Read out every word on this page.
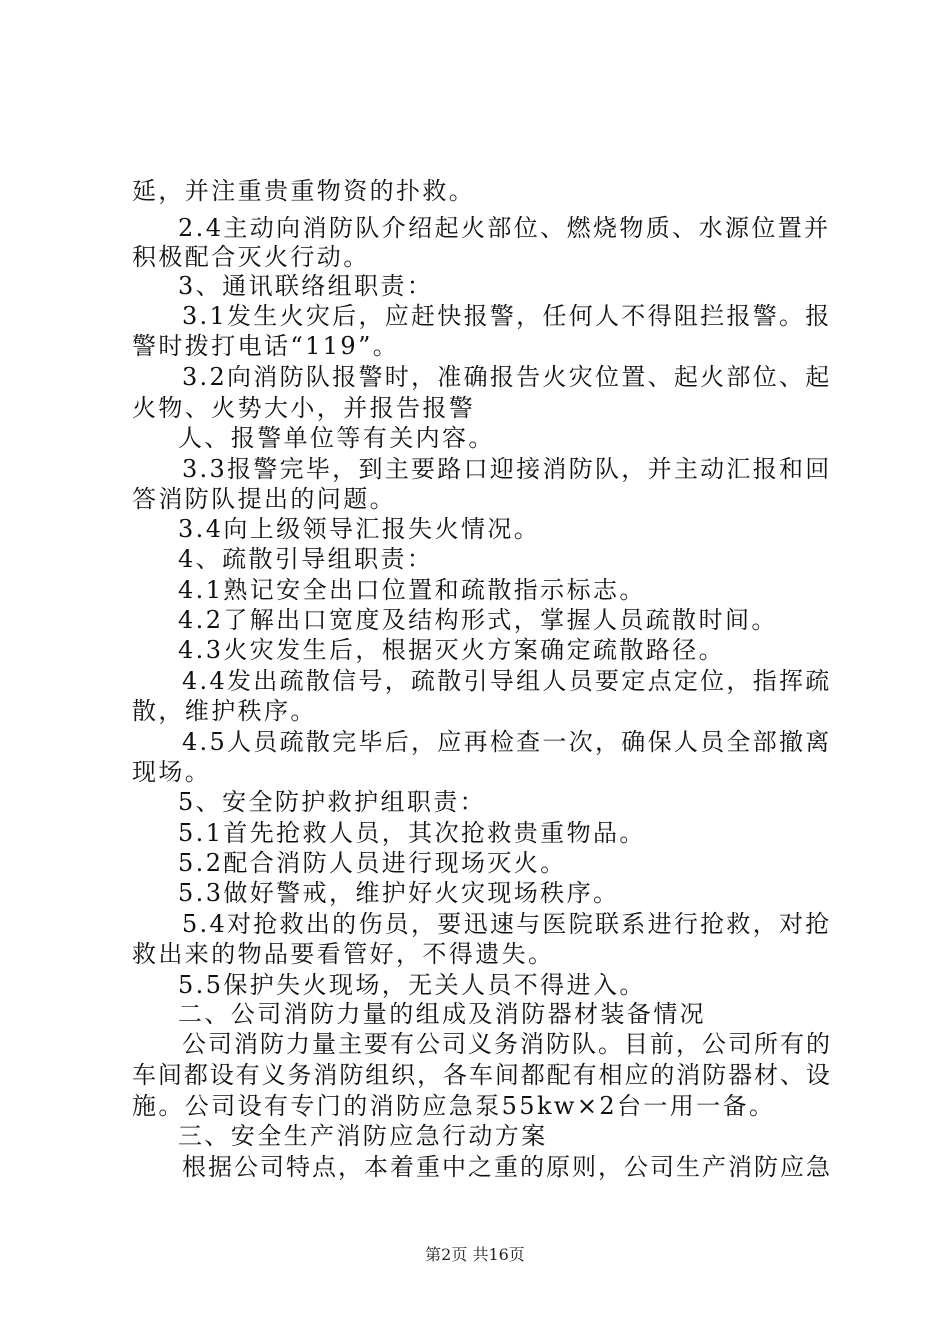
延，并注重贵重物资的扑救。
2.4主动向消防队介绍起火部位、燃烧物质、水源位置并
积极配合灭火行动。
3、通讯联络组职责：
3.1发生火灾后，应赶快报警，任何人不得阻拦报警。报
警时拨打电话“119”。
3.2向消防队报警时，准确报告火灾位置、起火部位、起
火物、火势大小，并报告报警
人、报警单位等有关内容。
3.3报警完毕，到主要路口迎接消防队，并主动汇报和回
答消防队提出的问题。
3.4向上级领导汇报失火情况。
4、疏散引导组职责：
4.1熟记安全出口位置和疏散指示标志。
4.2了解出口宽度及结构形式，掌握人员疏散时间。
4.3火灾发生后，根据灭火方案确定疏散路径。
4.4发出疏散信号，疏散引导组人员要定点定位，指挥疏
散，维护秩序。
4.5人员疏散完毕后，应再检查一次，确保人员全部撤离
现场。
5、安全防护救护组职责：
5.1首先抢救人员，其次抢救贵重物品。
5.2配合消防人员进行现场灭火。
5.3做好警戒，维护好火灾现场秩序。
5.4对抢救出的伤员，要迅速与医院联系进行抢救，对抢
救出来的物品要看管好，不得遗失。
5.5保护失火现场，无关人员不得进入。
二、公司消防力量的组成及消防器材装备情况
公司消防力量主要有公司义务消防队。目前，公司所有的
车间都设有义务消防组织，各车间都配有相应的消防器材、设
施。公司设有专门的消防应急泵55kw×2台一用一备。
三、安全生产消防应急行动方案
根据公司特点，本着重中之重的原则，公司生产消防应急
第2页 共16页
